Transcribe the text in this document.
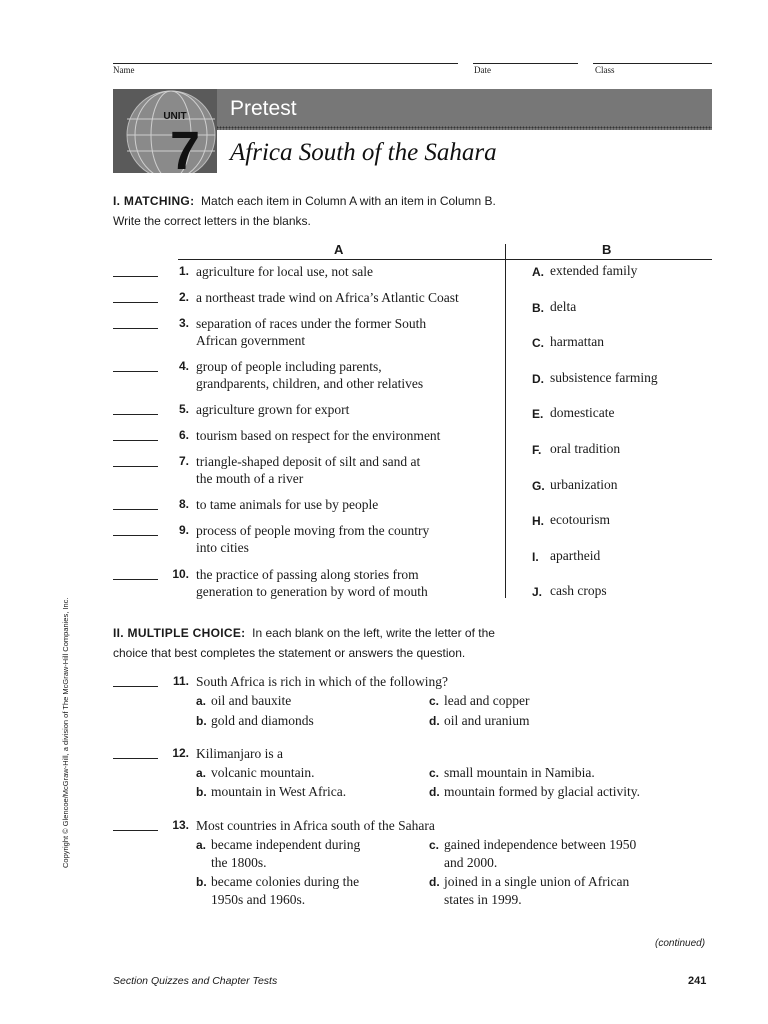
Name	Date	Class
UNIT
7
Pretest
Africa South of the Sahara
I. MATCHING: Match each item in Column A with an item in Column B.
Write the correct letters in the blanks.
A	B
1. agriculture for local use, not sale
2. a northeast trade wind on Africa’s Atlantic Coast
3. separation of races under the former South
African government
4. group of people including parents,
grandparents, children, and other relatives
5. agriculture grown for export
6. tourism based on respect for the environment
7. triangle-shaped deposit of silt and sand at
the mouth of a river
8. to tame animals for use by people
9. process of people moving from the country
into cities
10. the practice of passing along stories from
generation to generation by word of mouth
A. extended family
B. delta
C. harmattan
D. subsistence farming
E. domesticate
F. oral tradition
G. urbanization
H. ecotourism
I. apartheid
J. cash crops
II. MULTIPLE CHOICE: In each blank on the left, write the letter of the
choice that best completes the statement or answers the question.
11. South Africa is rich in which of the following?
a. oil and bauxite
b. gold and diamonds
c. lead and copper
d. oil and uranium
12. Kilimanjaro is a
a. volcanic mountain.
b. mountain in West Africa.
c. small mountain in Namibia.
d. mountain formed by glacial activity.
13. Most countries in Africa south of the Sahara
a. became independent during
the 1800s.
b. became colonies during the
1950s and 1960s.
c. gained independence between 1950
and 2000.
d. joined in a single union of African
states in 1999.
(continued)
Section Quizzes and Chapter Tests	241
Copyright © Glencoe/McGraw-Hill, a division of The McGraw-Hill Companies, Inc.
